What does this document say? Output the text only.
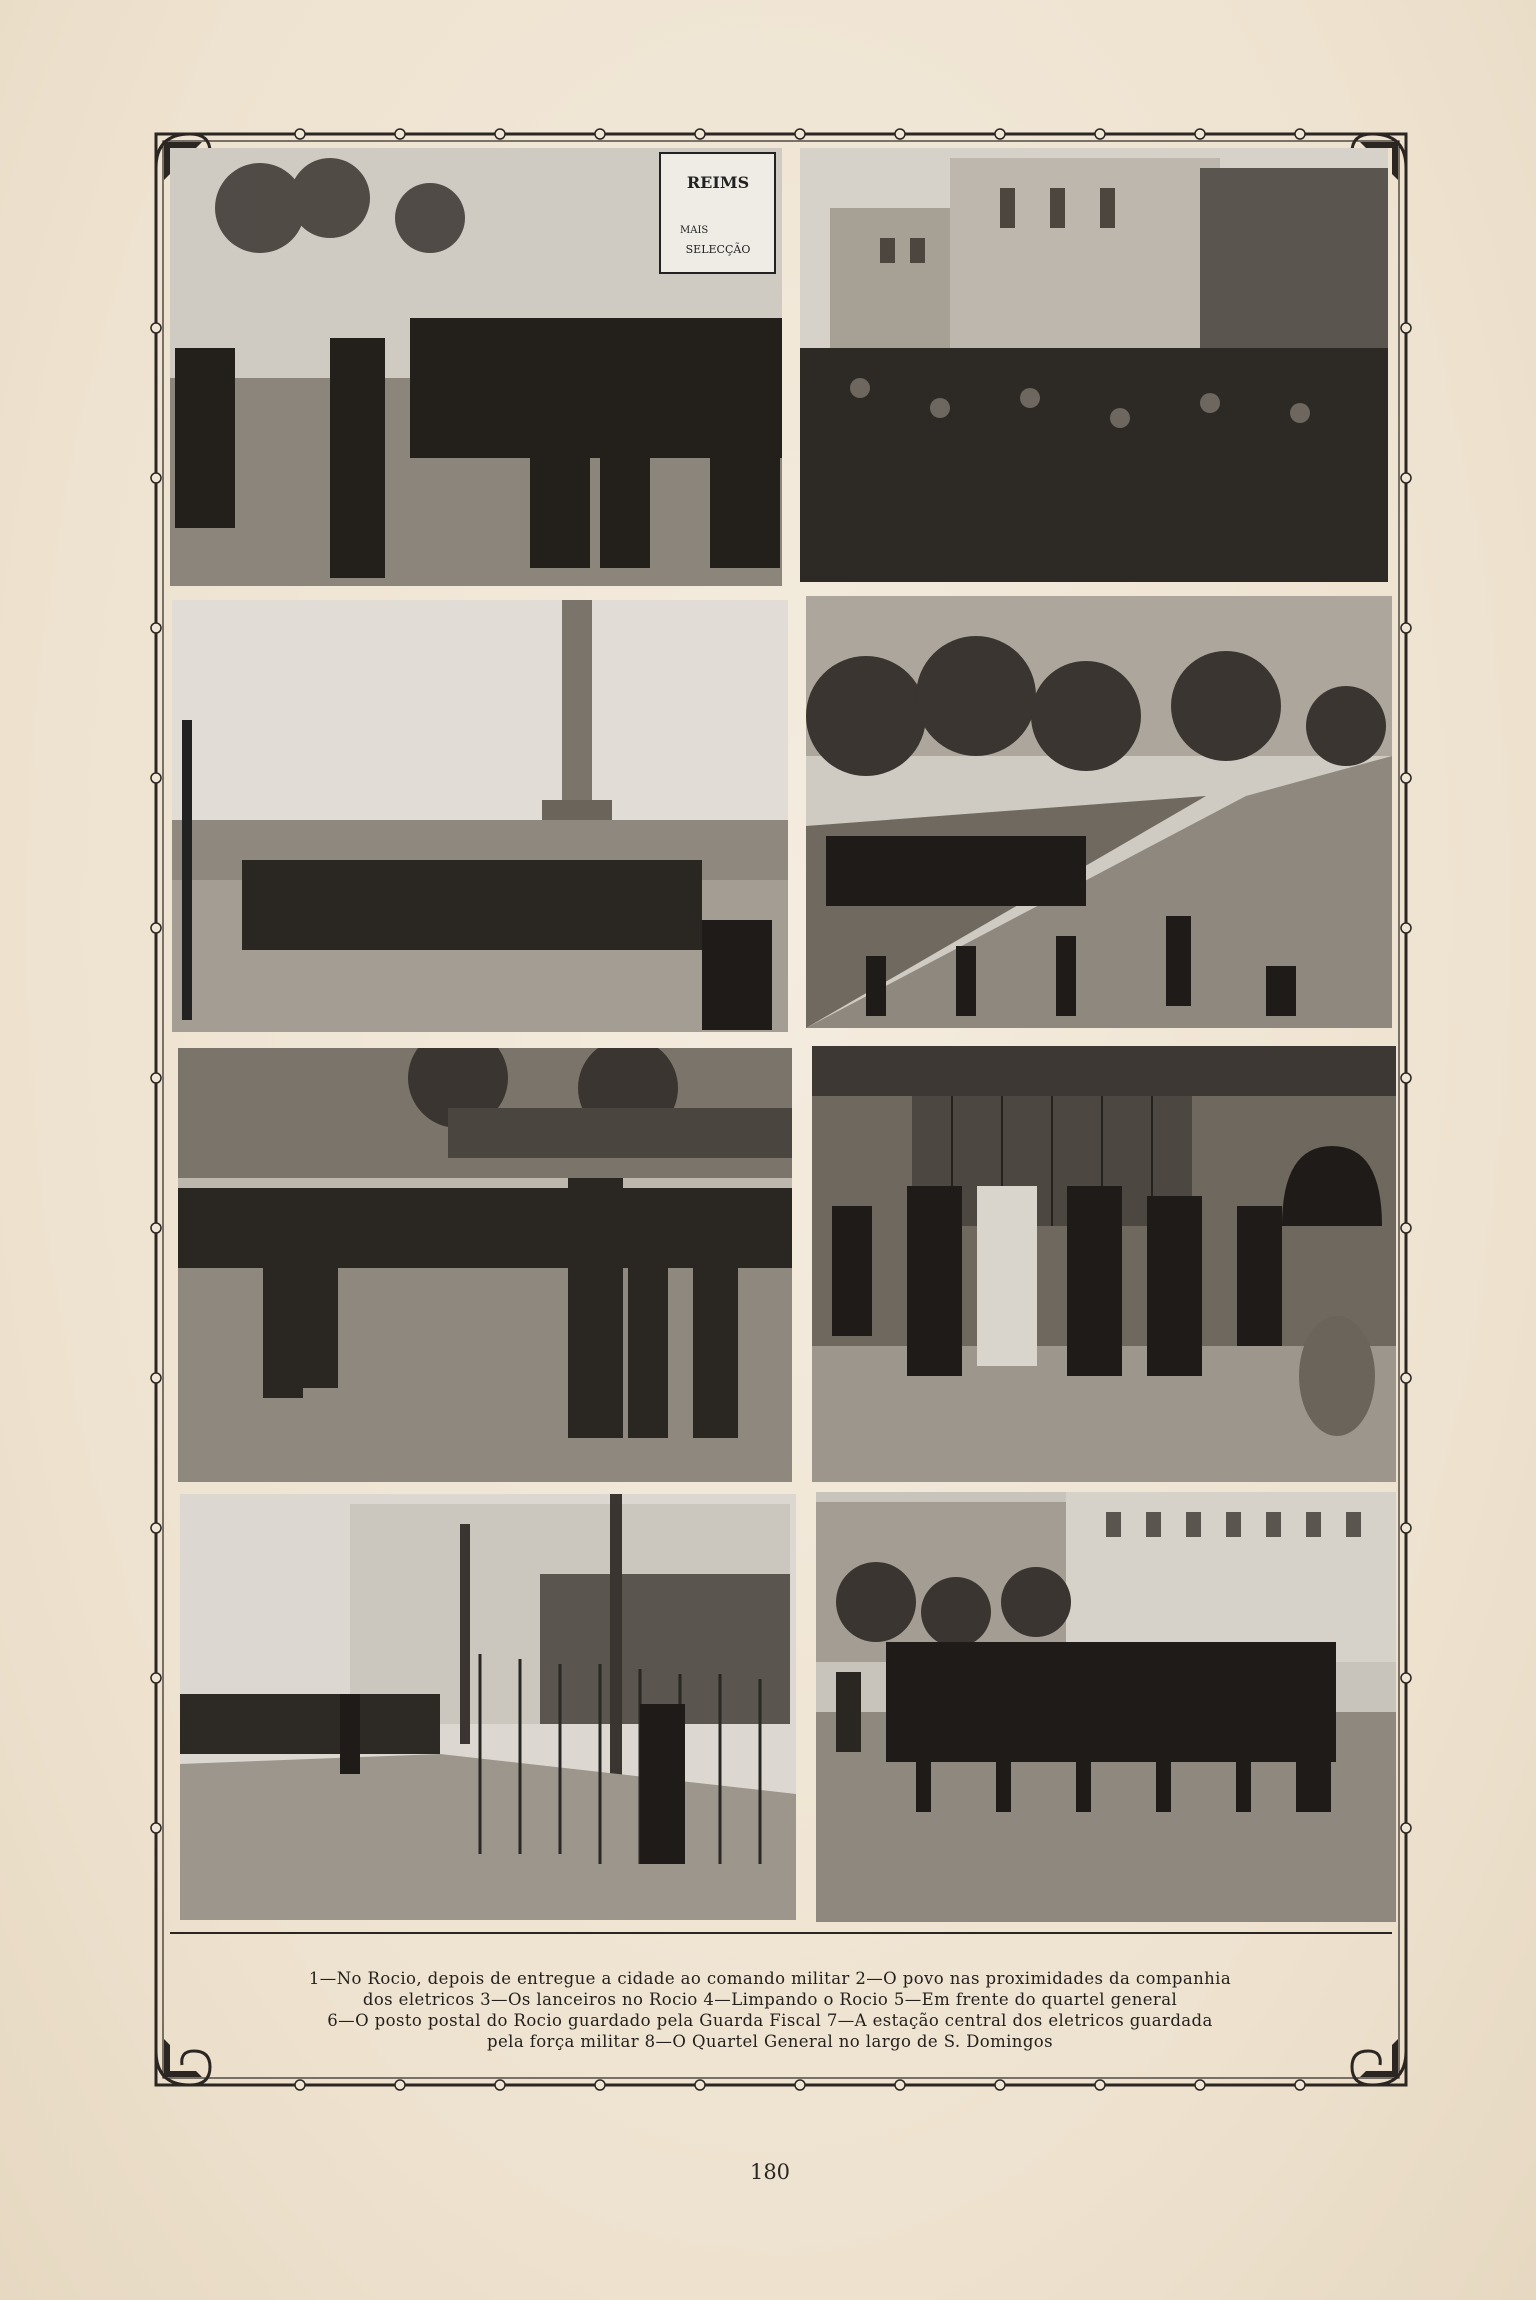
REIMS
SELECÇÃO
MAIS
1—No Rocio, depois de entregue a cidade ao comando militar 2—O povo nas proximidades da companhia
dos eletricos 3—Os lanceiros no Rocio 4—Limpando o Rocio 5—Em frente do quartel general
6—O posto postal do Rocio guardado pela Guarda Fiscal 7—A estação central dos eletricos guardada
pela força militar 8—O Quartel General no largo de S. Domingos
180
